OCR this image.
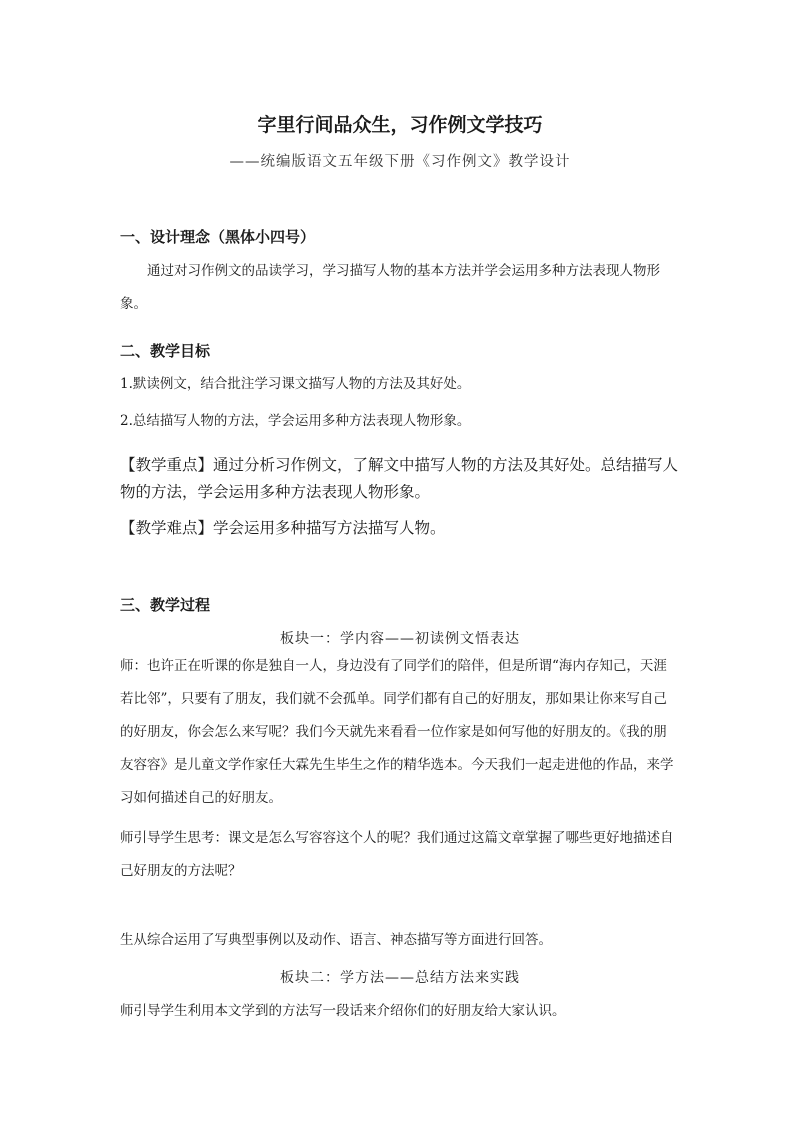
字里行间品众生，习作例文学技巧
——统编版语文五年级下册《习作例文》教学设计
一、设计理念（黑体小四号）

通过对习作例文的品读学习，学习描写人物的基本方法并学会运用多种方法表现人物形象。

二、教学目标

1.默读例文，结合批注学习课文描写人物的方法及其好处。

2.总结描写人物的方法，学会运用多种方法表现人物形象。

【教学重点】通过分析习作例文，了解文中描写人物的方法及其好处。总结描写人物的方法，学会运用多种方法表现人物形象。

【教学难点】学会运用多种描写方法描写人物。

三、教学过程
板块一：学内容——初读例文悟表达

师：也许正在听课的你是独自一人，身边没有了同学们的陪伴，但是所谓“海内存知己，天涯若比邻”，只要有了朋友，我们就不会孤单。同学们都有自己的好朋友，那如果让你来写自己的好朋友，你会怎么来写呢？我们今天就先来看看一位作家是如何写他的好朋友的。《我的朋友容容》是儿童文学作家任大霖先生毕生之作的精华选本。今天我们一起走进他的作品，来学习如何描述自己的好朋友。

师引导学生思考：课文是怎么写容容这个人的呢？我们通过这篇文章掌握了哪些更好地描述自己好朋友的方法呢？

生从综合运用了写典型事例以及动作、语言、神态描写等方面进行回答。

板块二：学方法——总结方法来实践

师引导学生利用本文学到的方法写一段话来介绍你们的好朋友给大家认识。
